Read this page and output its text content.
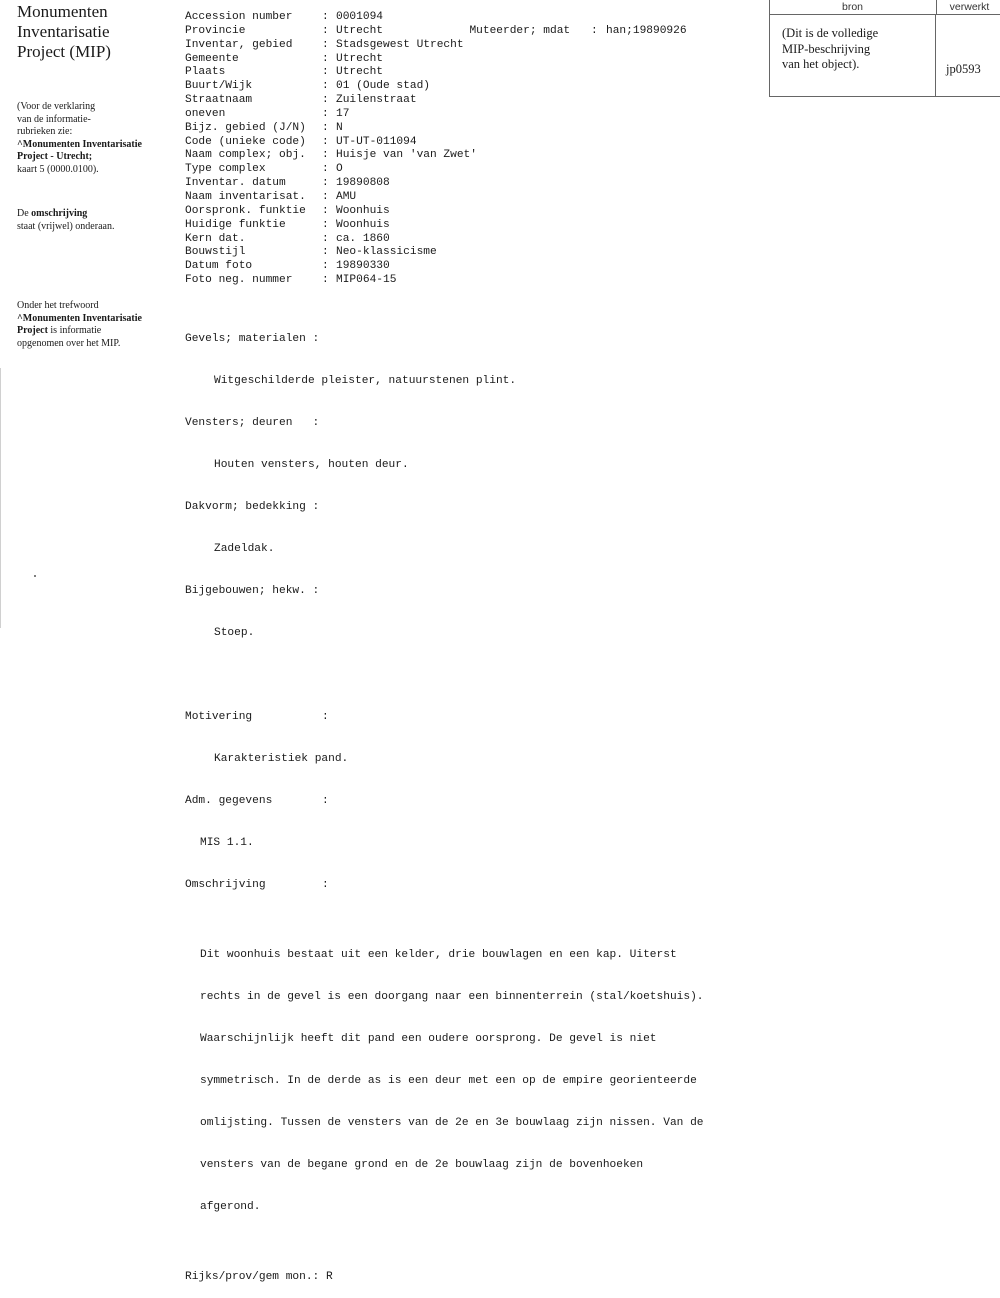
Monumenten
Inventarisatie
Project (MIP)
(Voor de verklaring
van de informatie-
rubrieken zie:
^Monumenten Inventarisatie
Project - Utrecht;
kaart 5 (0000.0100).
De omschrijving
staat (vrijwel) onderaan.
Onder het trefwoord
^Monumenten Inventarisatie
Project is informatie
opgenomen over het MIP.
Accession number	: 0001094
Provincie	: Utrecht
Inventar, gebied	: Stadsgewest Utrecht
Gemeente	: Utrecht
Plaats	: Utrecht
Buurt/Wijk	: 01 (Oude stad)
Straatnaam	: Zuilenstraat
oneven	: 17
Bijz. gebied (J/N) : N
Code (unieke code) : UT-UT-011094
Naam complex; obj. : Huisje van 'van Zwet'
Type complex	: O
Inventar. datum	: 19890808
Naam inventarisat. : AMU
Oorspronk. funktie : Woonhuis
Huidige funktie	: Woonhuis
Kern dat.	: ca. 1860
Bouwstijl	: Neo-klassicisme
Datum foto	: 19890330
Foto neg. nummer	: MIP064-15

Muteerder; mdat : han;19890926

Gevels; materialen :

Witgeschilderde pleister, natuurstenen plint.

Vensters; deuren   :

Houten vensters, houten deur.

Dakvorm; bedekking :

Zadeldak.

Bijgebouwen; hekw. :

Stoep.

Motivering	:

Karakteristiek pand.

Adm. gegevens	:

MIS 1.1.

Omschrijving	:

Dit woonhuis bestaat uit een kelder, drie bouwlagen en een kap. Uiterst

rechts in de gevel is een doorgang naar een binnenterrein (stal/koetshuis).

Waarschijnlijk heeft dit pand een oudere oorsprong. De gevel is niet

symmetrisch. In de derde as is een deur met een op de empire georienteerde

omlijsting. Tussen de vensters van de 2e en 3e bouwlaag zijn nissen. Van de

vensters van de begane grond en de 2e bouwlaag zijn de bovenhoeken

afgerond.

Rijks/prov/gem mon.: R

bron	verwerkt
(Dit is de volledige
MIP-beschrijving
van het object).	jp0593
